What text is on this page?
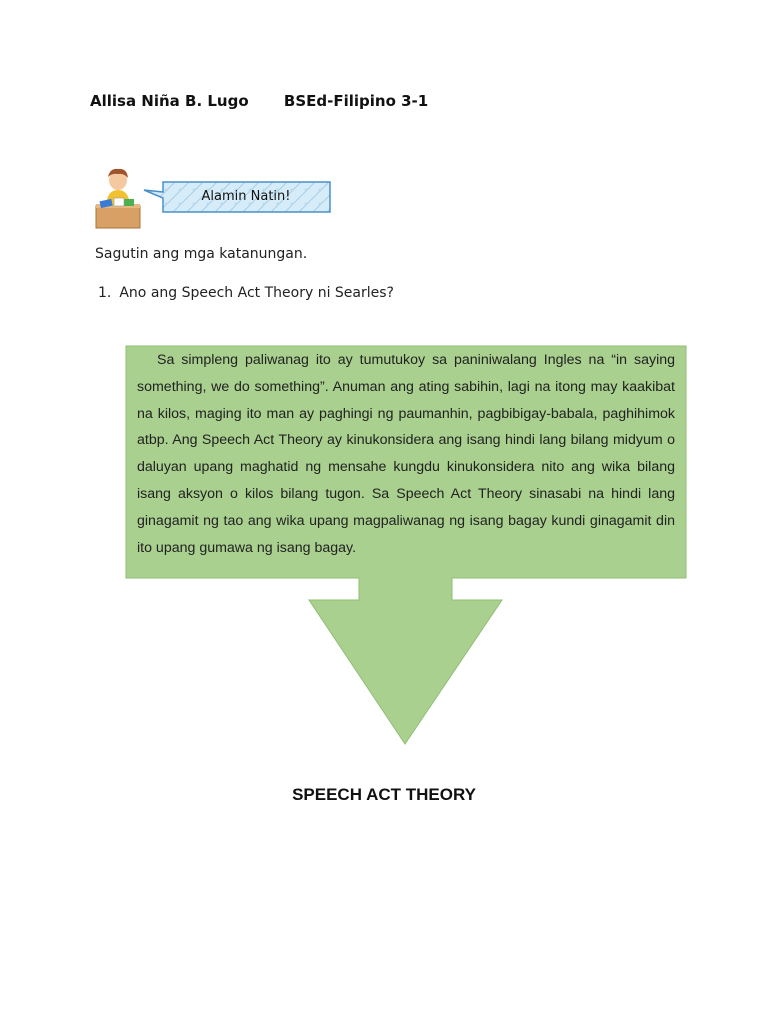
Allisa Niña B. Lugo BSEd-Filipino 3-1
Alamin Natin!
Sagutin ang mga katanungan.
1. Ano ang Speech Act Theory ni Searles?
Sa simpleng paliwanag ito ay tumutukoy sa paniniwalang Ingles na “in saying something, we do something”. Anuman ang ating sabihin, lagi na itong may kaakibat na kilos, maging ito man ay paghingi ng paumanhin, pagbibigay-babala, paghihimok atbp. Ang Speech Act Theory ay kinukonsidera ang isang hindi lang bilang midyum o daluyan upang maghatid ng mensahe kungdu kinukonsidera nito ang wika bilang isang aksyon o kilos bilang tugon. Sa Speech Act Theory sinasabi na hindi lang ginagamit ng tao ang wika upang magpaliwanag ng isang bagay kundi ginagamit din ito upang gumawa ng isang bagay.
SPEECH ACT THEORY
